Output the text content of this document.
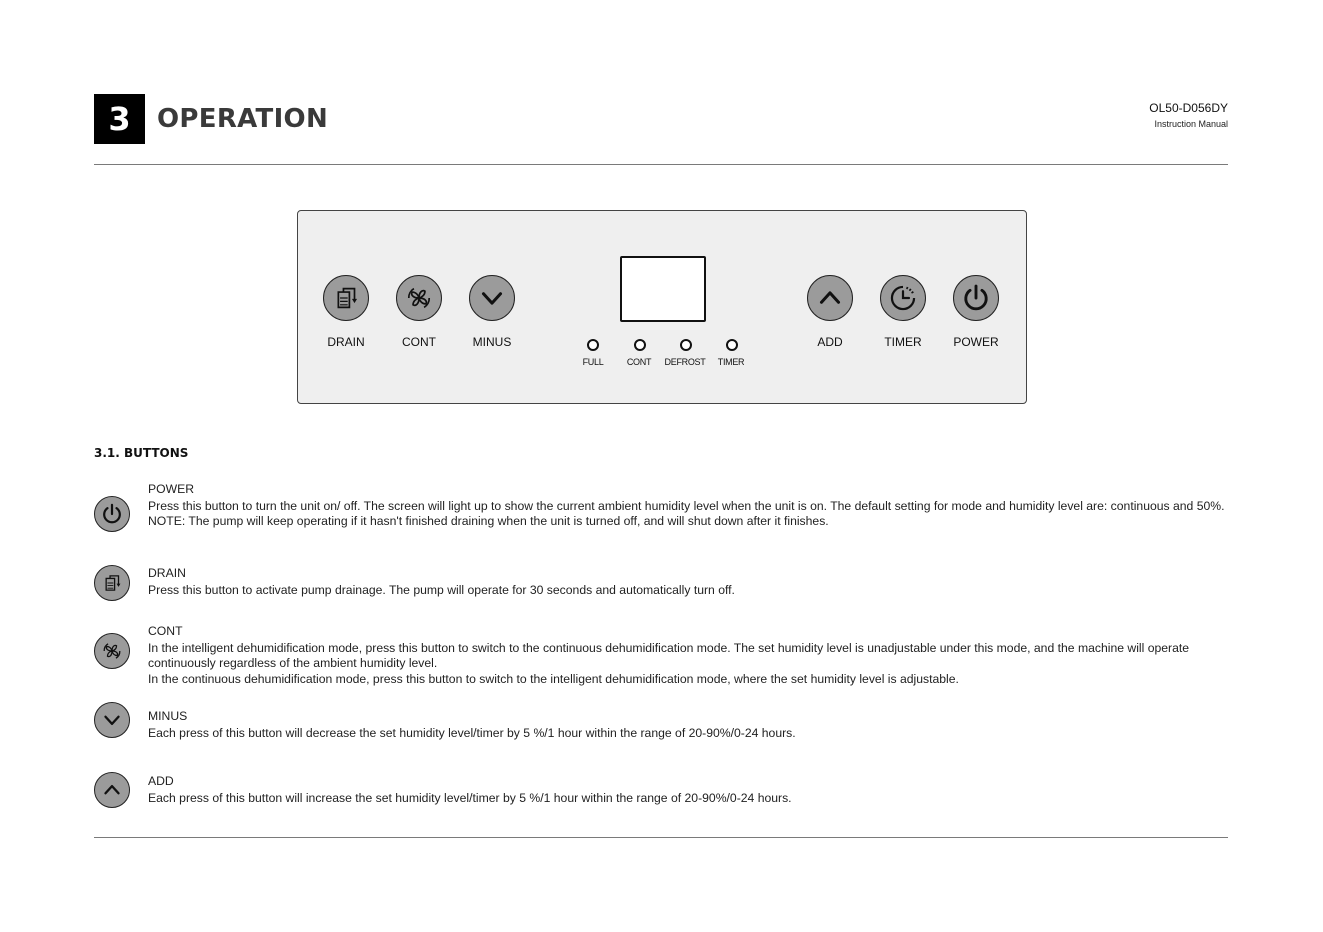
3	OPERATION	OL50-D056DY
Instruction Manual
DRAIN	CONT	MINUS
FULL	CONT	DEFROST	TIMER
ADD	TIMER	POWER
3.1. BUTTONS

POWER

Press this button to turn the unit on/ off. The screen will light up to show the current ambient humidity level when the unit is on. The default setting for mode and humidity level are: continuous and 50%.

NOTE: The pump will keep operating if it hasn't finished draining when the unit is turned off, and will shut down after it finishes.

DRAIN

Press this button to activate pump drainage. The pump will operate for 30 seconds and automatically turn off.

CONT

In the intelligent dehumidification mode, press this button to switch to the continuous dehumidification mode. The set humidity level is unadjustable under this mode, and the machine will operate continuously regardless of the ambient humidity level.

In the continuous dehumidification mode, press this button to switch to the intelligent dehumidification mode, where the set humidity level is adjustable.

MINUS

Each press of this button will decrease the set humidity level/timer by 5 %/1 hour within the range of 20-90%/0-24 hours.

ADD

Each press of this button will increase the set humidity level/timer by 5 %/1 hour within the range of 20-90%/0-24 hours.
